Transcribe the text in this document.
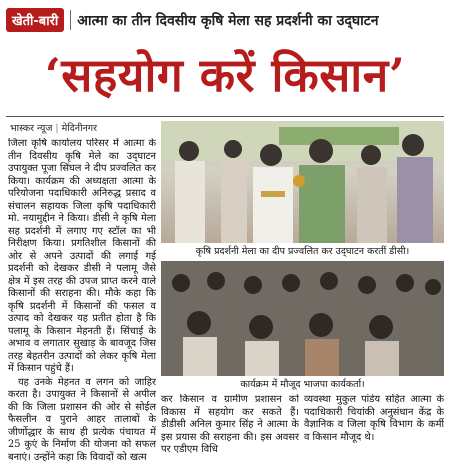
खेती-बारी	आत्मा का तीन दिवसीय कृषि मेला सह प्रदर्शनी का उद्‌घाटन
‘सहयोग करें किसान’
भास्कर न्यूज | मेदिनीनगर

जिला कृषि कार्यालय परिसर में आत्मा के तीन दिवसीय कृषि मेले का उद्‌घाटन उपायुक्त पूजा सिंघल ने दीप प्रज्वलित कर किया। कार्यक्रम की अध्यक्षता आत्मा के परियोजना पदाधिकारी अनिरुद्ध प्रसाद व संचालन सहायक जिला कृषि पदाधिकारी मो. नयामुद्दीन ने किया। डीसी ने कृषि मेला सह प्रदर्शनी में लगाए गए स्टॉल का भी निरीक्षण किया। प्रगतिशील किसानों की ओर से अपने उत्पादों की लगाई गई प्रदर्शनी को देखकर डीसी ने पलामू जैसे क्षेत्र में इस तरह की उपज प्राप्त करने वाले किसानों की सराहना की। मौके कहा कि कृषि प्रदर्शनी में किसानों की फसल व उत्पाद को देखकर यह प्रतीत होता है कि पलामू के किसान मेहनती हैं। सिंचाई के अभाव व लगातार सुखाड़ के बावजूद जिस तरह बेहतरीन उत्पादों को लेकर कृषि मेला में किसान पहुंचे हैं।

यह उनके मेहनत व लगन को जाहिर करता है। उपायुक्त ने किसानों से अपील की कि जिला प्रशासन की ओर से सोईल फैसलीन व पुराने आहर तालाबों के जीर्णोद्धार के साथ ही प्रत्येक पंचायत में 25 कुएं के निर्माण की योजना को सफल बनाएं। उन्होंने कहा कि विवादों को खत्म

कृषि प्रदर्शनी मेला का दीप प्रज्वलित कर उद्‌घाटन करतीं डीसी।
कार्यक्रम में मौजूद भाजपा कार्यकर्ता।

कर किसान व ग्रामीण प्रशासन को विकास में सहयोग कर सकते हैं। डीडीसी अनिल कुमार सिंह ने आत्मा के इस प्रयास की सराहना की। इस अवसर पर एडीएम विधि

व्यवस्था मुकुल पांडेय सहित आत्मा के पदाधिकारी चियांकी अनुसंधान केंद्र के वैज्ञानिक व जिला कृषि विभाग के कर्मी व किसान मौजूद थे।
